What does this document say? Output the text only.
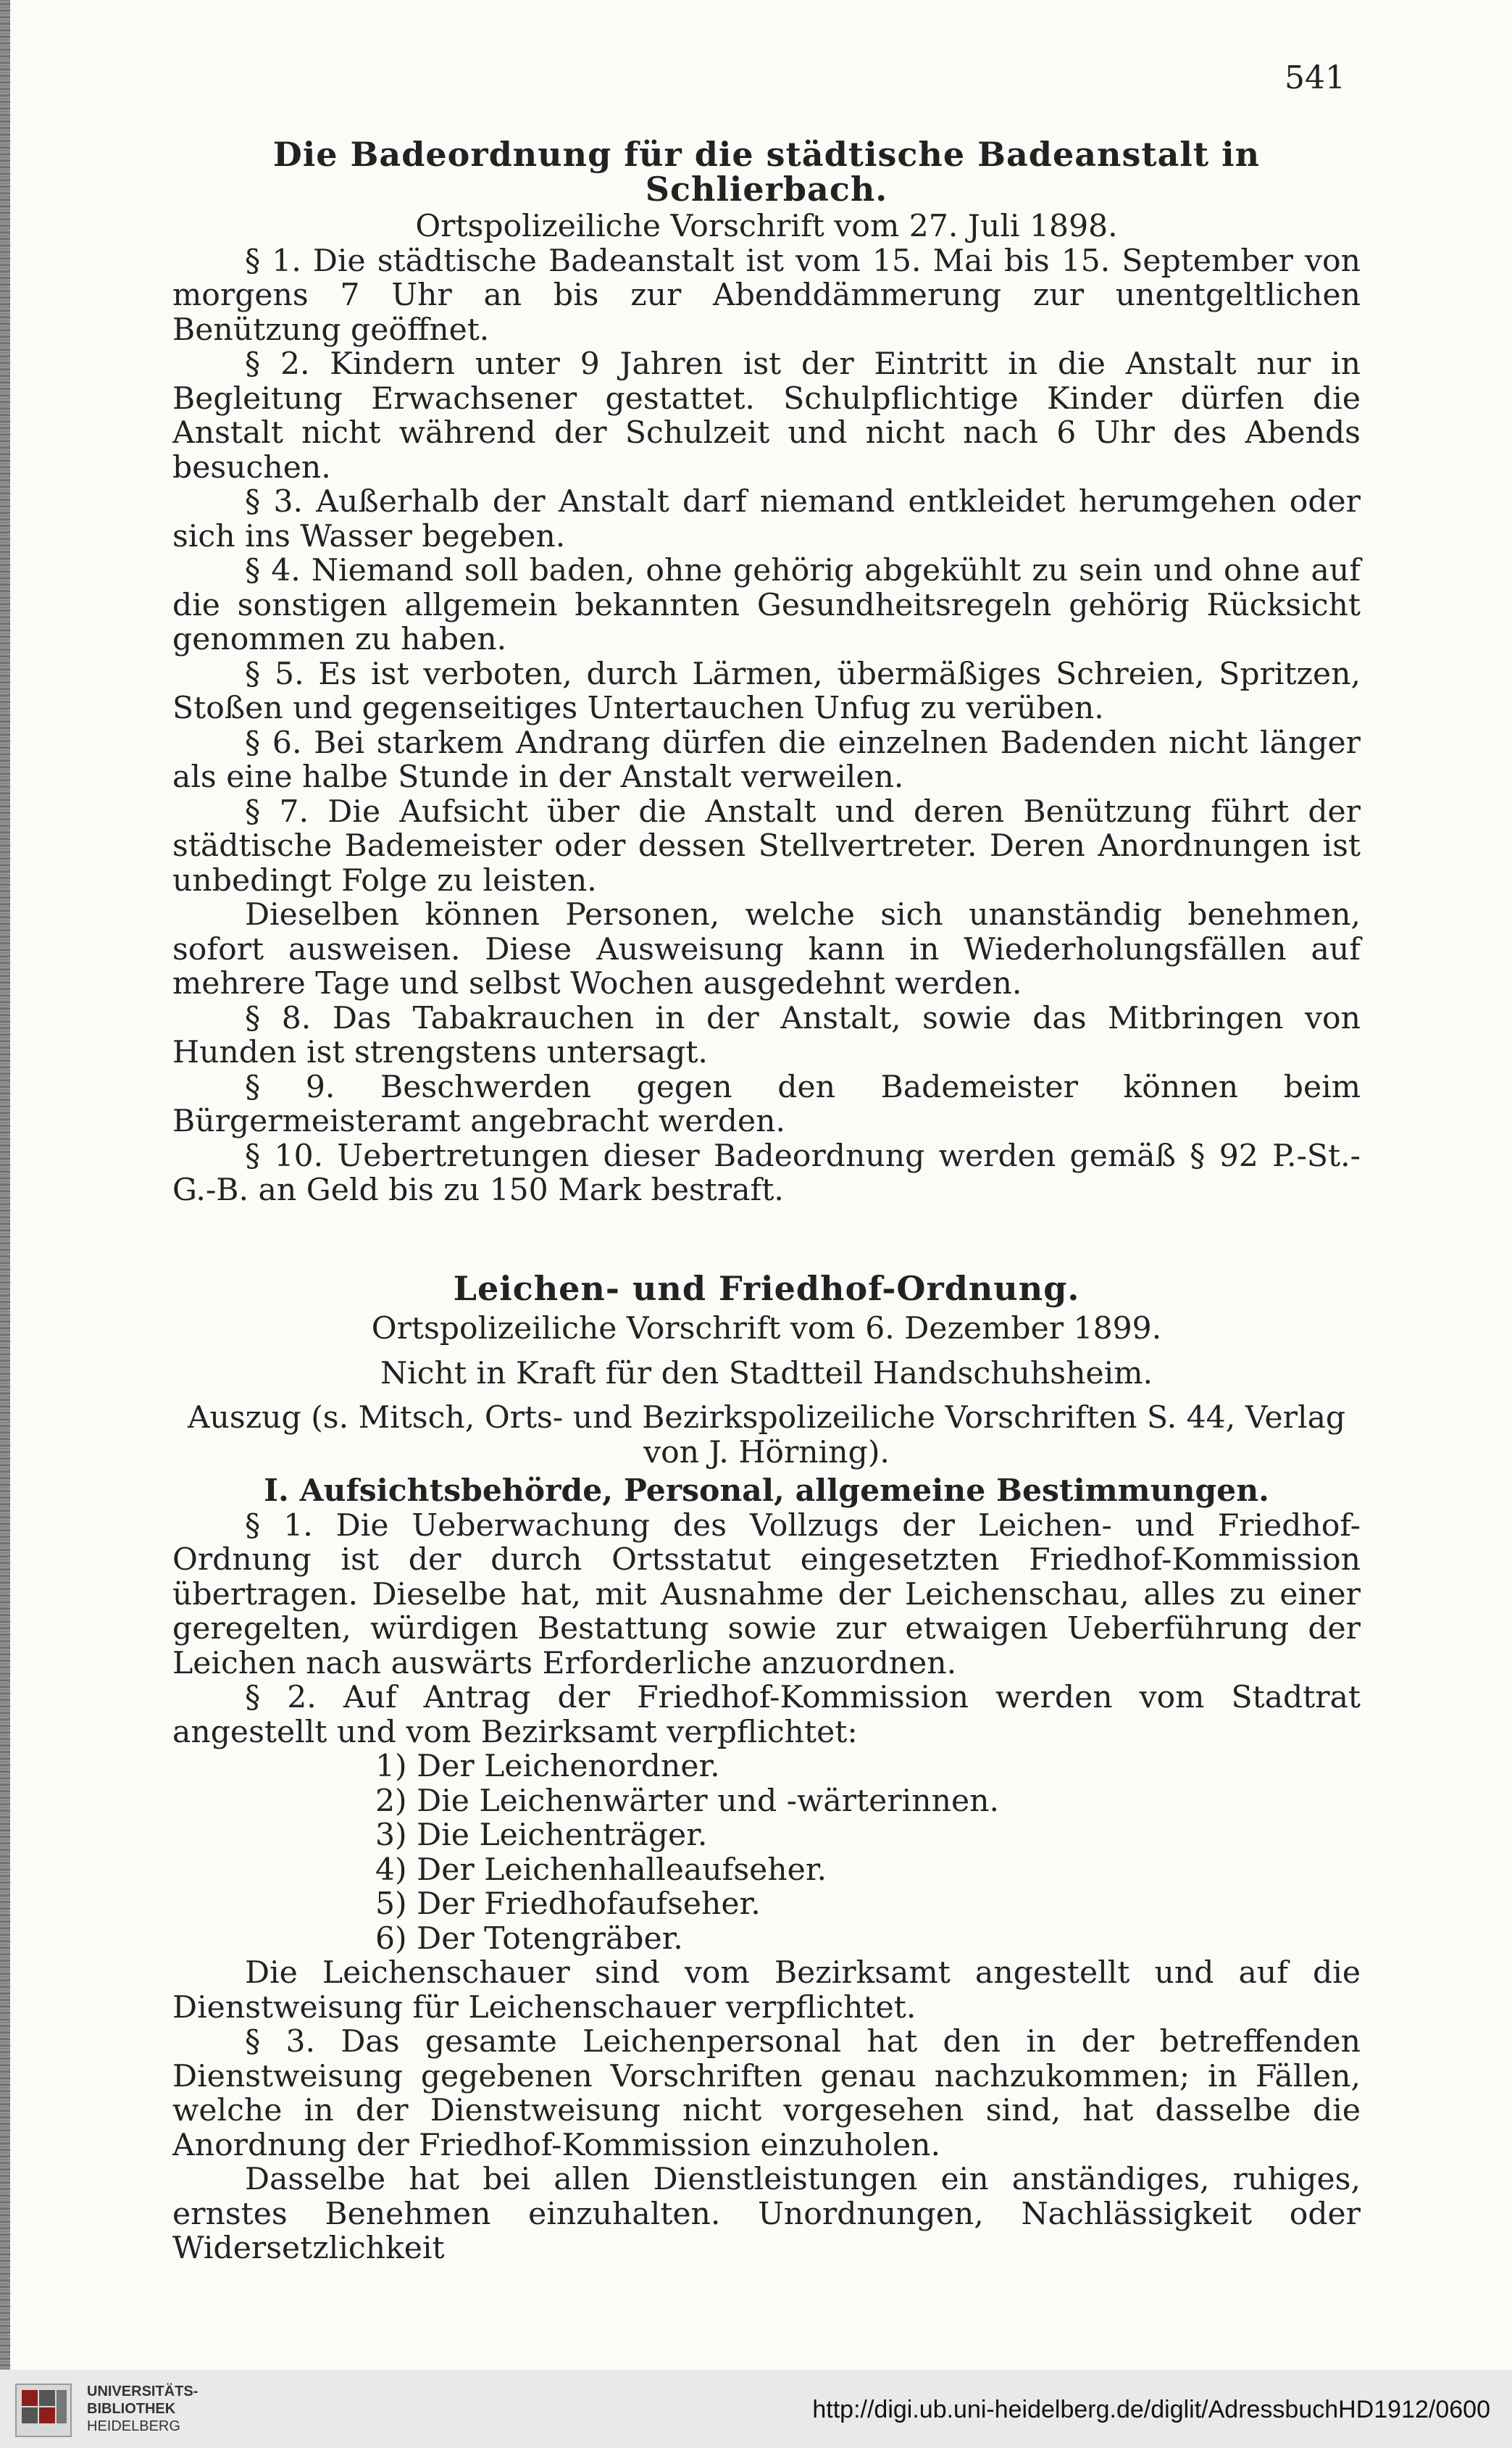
541
Die Badeordnung für die städtische Badeanstalt in Schlierbach.

Ortspolizeiliche Vorschrift vom 27. Juli 1898.

§ 1. Die städtische Badeanstalt ist vom 15. Mai bis 15. September von morgens 7 Uhr an bis zur Abenddämmerung zur unentgeltlichen Benützung geöffnet.

§ 2. Kindern unter 9 Jahren ist der Eintritt in die Anstalt nur in Begleitung Erwachsener gestattet. Schulpflichtige Kinder dürfen die Anstalt nicht während der Schulzeit und nicht nach 6 Uhr des Abends besuchen.

§ 3. Außerhalb der Anstalt darf niemand entkleidet herumgehen oder sich ins Wasser begeben.

§ 4. Niemand soll baden, ohne gehörig abgekühlt zu sein und ohne auf die sonstigen allgemein bekannten Gesundheitsregeln gehörig Rücksicht genommen zu haben.

§ 5. Es ist verboten, durch Lärmen, übermäßiges Schreien, Spritzen, Stoßen und gegenseitiges Untertauchen Unfug zu verüben.

§ 6. Bei starkem Andrang dürfen die einzelnen Badenden nicht länger als eine halbe Stunde in der Anstalt verweilen.

§ 7. Die Aufsicht über die Anstalt und deren Benützung führt der städtische Bademeister oder dessen Stellvertreter. Deren Anordnungen ist unbedingt Folge zu leisten.

Dieselben können Personen, welche sich unanständig benehmen, sofort ausweisen. Diese Ausweisung kann in Wiederholungsfällen auf mehrere Tage und selbst Wochen ausgedehnt werden.

§ 8. Das Tabakrauchen in der Anstalt, sowie das Mitbringen von Hunden ist strengstens untersagt.

§ 9. Beschwerden gegen den Bademeister können beim Bürgermeisteramt angebracht werden.

§ 10. Uebertretungen dieser Badeordnung werden gemäß § 92 P.-St.-G.-B. an Geld bis zu 150 Mark bestraft.

Leichen- und Friedhof-Ordnung.

Ortspolizeiliche Vorschrift vom 6. Dezember 1899.

Nicht in Kraft für den Stadtteil Handschuhsheim.

Auszug (s. Mitsch, Orts- und Bezirkspolizeiliche Vorschriften S. 44, Verlag von J. Hörning).

I. Aufsichtsbehörde, Personal, allgemeine Bestimmungen.

§ 1. Die Ueberwachung des Vollzugs der Leichen- und Friedhof-Ordnung ist der durch Ortsstatut eingesetzten Friedhof-Kommission übertragen. Dieselbe hat, mit Ausnahme der Leichenschau, alles zu einer geregelten, würdigen Bestattung sowie zur etwaigen Ueberführung der Leichen nach auswärts Erforderliche anzuordnen.

§ 2. Auf Antrag der Friedhof-Kommission werden vom Stadtrat angestellt und vom Bezirksamt verpflichtet:

1) Der Leichenordner.
2) Die Leichenwärter und -wärterinnen.
3) Die Leichenträger.
4) Der Leichenhalleaufseher.
5) Der Friedhofaufseher.
6) Der Totengräber.

Die Leichenschauer sind vom Bezirksamt angestellt und auf die Dienstweisung für Leichenschauer verpflichtet.

§ 3. Das gesamte Leichenpersonal hat den in der betreffenden Dienstweisung gegebenen Vorschriften genau nachzukommen; in Fällen, welche in der Dienstweisung nicht vorgesehen sind, hat dasselbe die Anordnung der Friedhof-Kommission einzuholen.

Dasselbe hat bei allen Dienstleistungen ein anständiges, ruhiges, ernstes Benehmen einzuhalten. Unordnungen, Nachlässigkeit oder Widersetzlichkeit

UNIVERSITÄTS-
BIBLIOTHEK
HEIDELBERG
http://digi.ub.uni-heidelberg.de/diglit/AdressbuchHD1912/0600
